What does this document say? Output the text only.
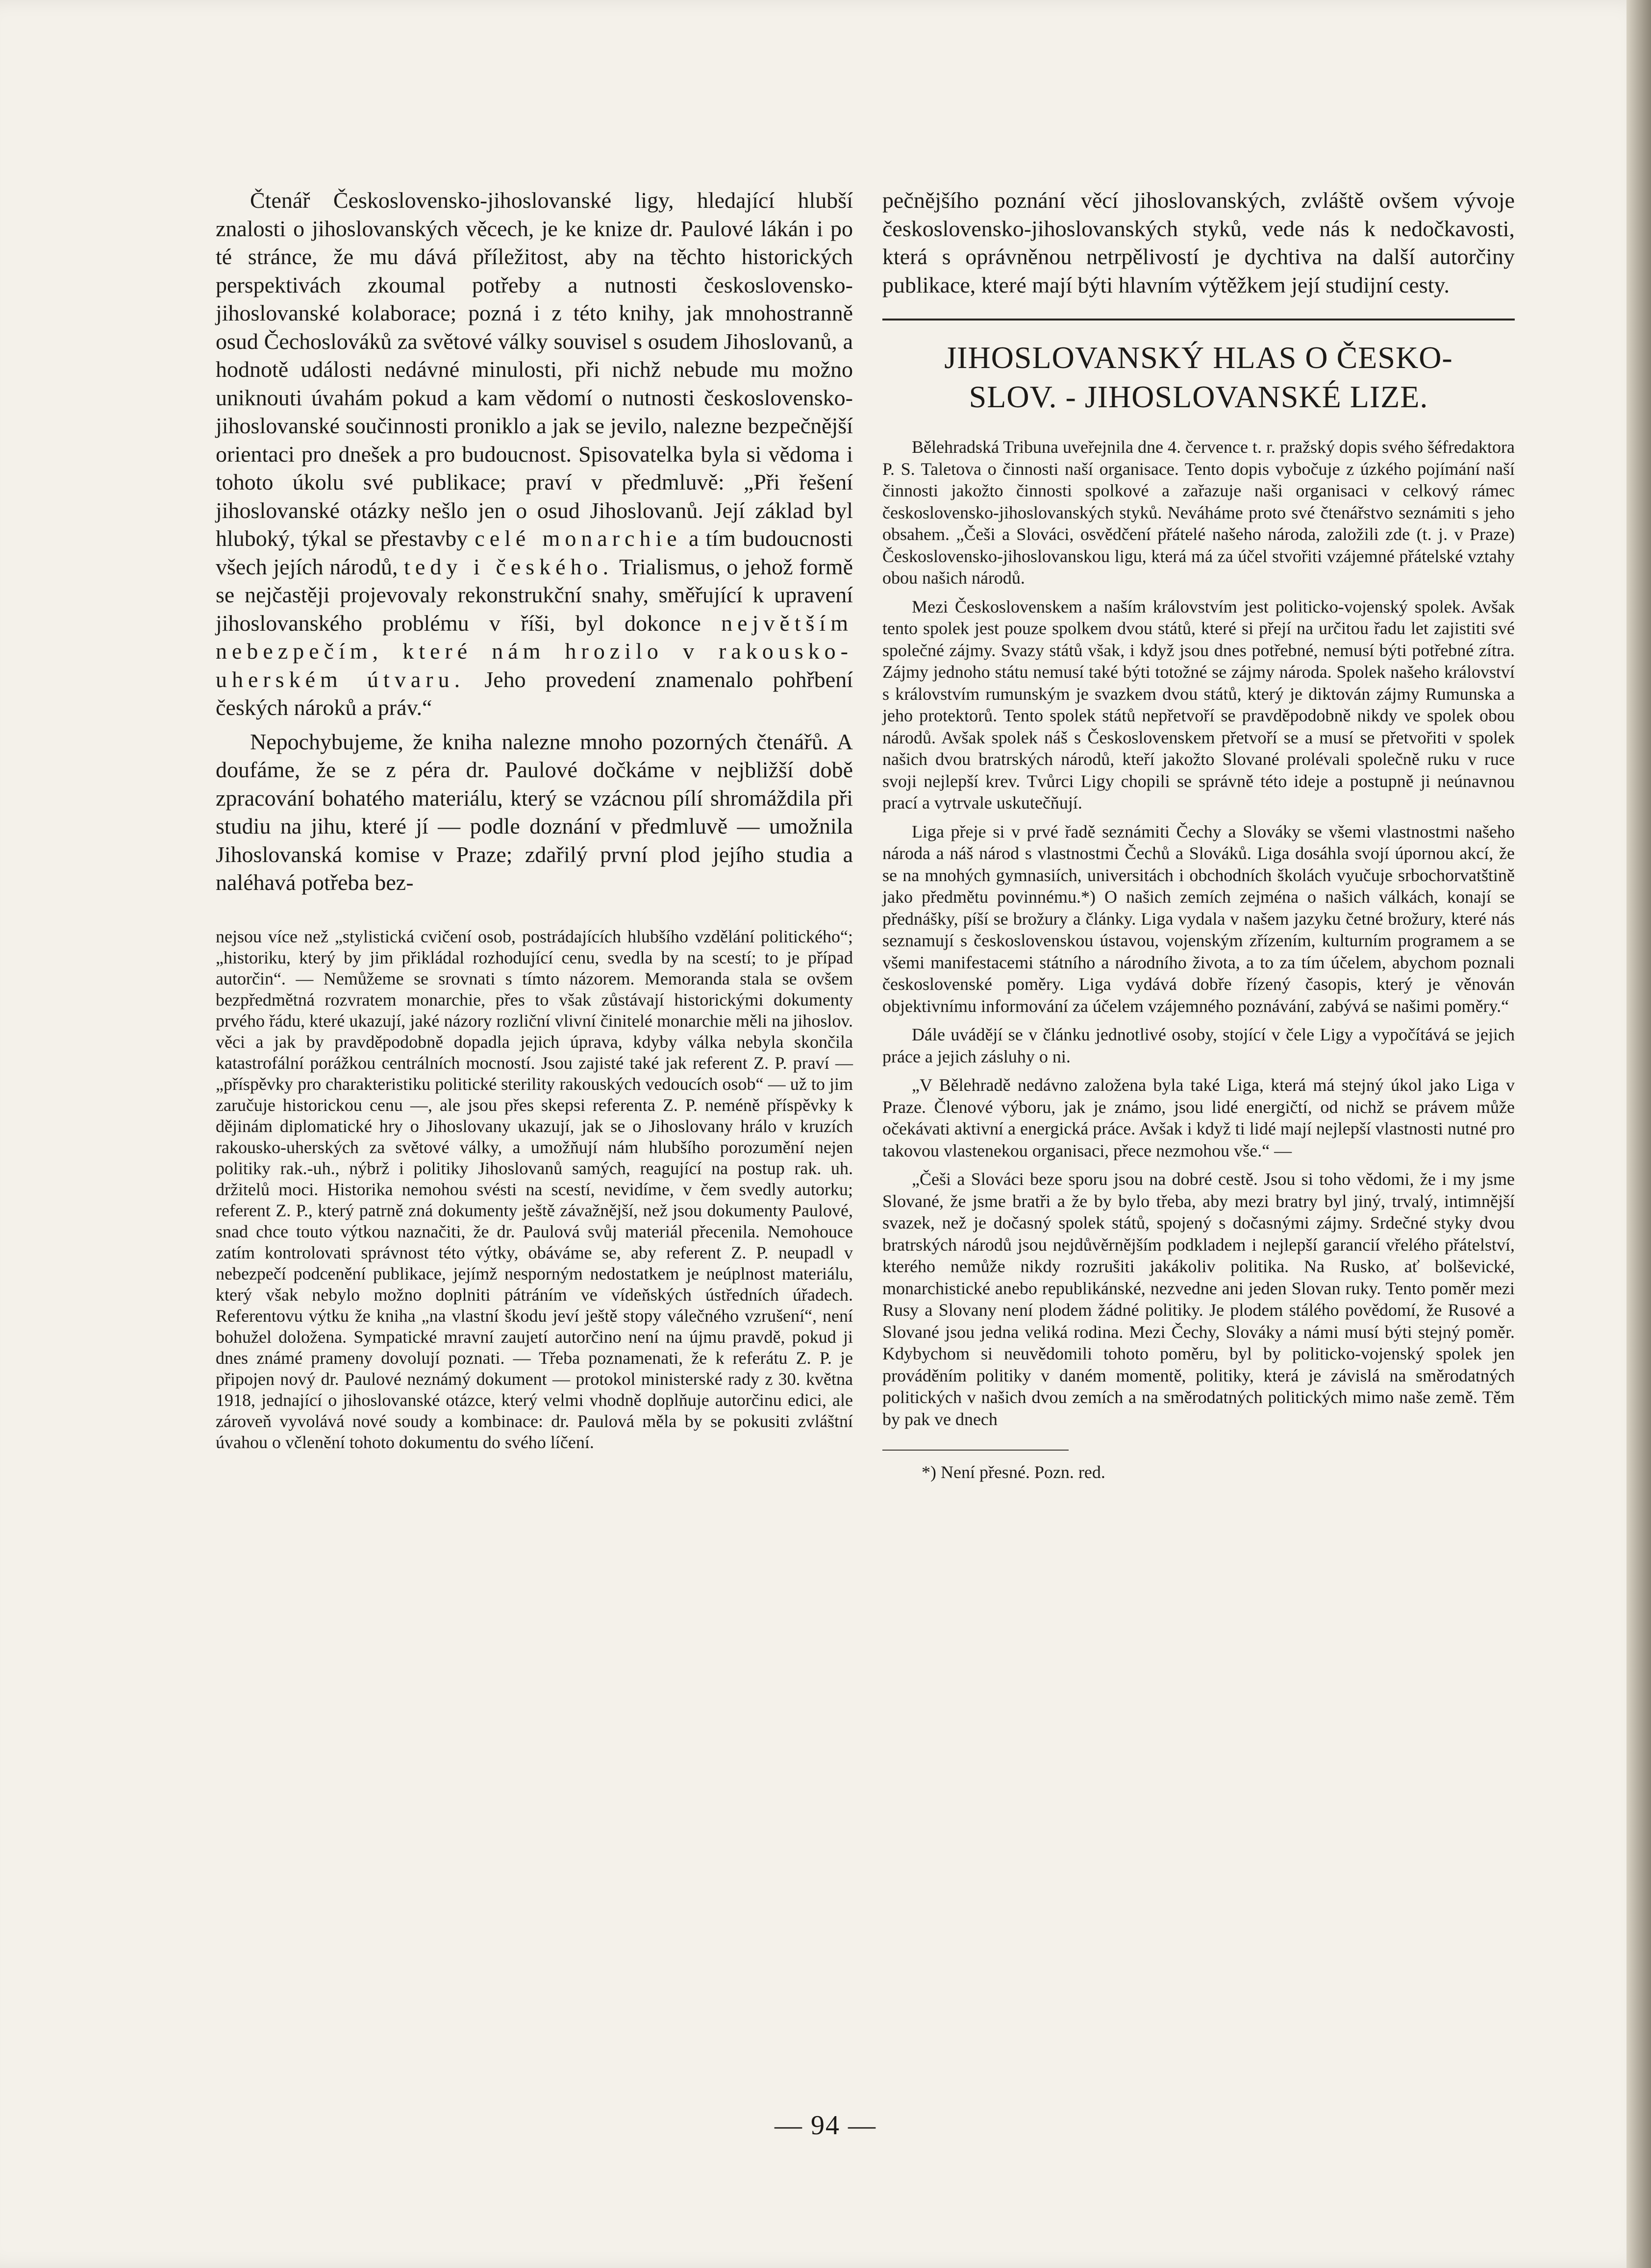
Čtenář Československo-jihoslovanské ligy, hledající hlubší znalosti o jihoslovanských věcech, je ke knize dr. Paulové lákán i po té stránce, že mu dává příležitost, aby na těchto historických perspektivách zkoumal potřeby a nutnosti československo-jihoslovanské kolaborace; pozná i z této knihy, jak mnohostranně osud Čechoslováků za světové války souvisel s osudem Jihoslovanů, a hodnotě události nedávné minulosti, při nichž nebude mu možno uniknouti úvahám pokud a kam vědomí o nutnosti československo-jihoslovanské součinnosti proniklo a jak se jevilo, nalezne bezpečnější orientaci pro dnešek a pro budoucnost. Spisovatelka byla si vědoma i tohoto úkolu své publikace; praví v předmluvě: „Při řešení jihoslovanské otázky nešlo jen o osud Jihoslovanů. Její základ byl hluboký, týkal se přestavby celé monarchie a tím budoucnosti všech jejích národů, tedy i českého. Trialismus, o jehož formě se nejčastěji projevovaly rekonstrukční snahy, směřující k upravení jihoslovanského problému v říši, byl dokonce největším nebezpečím, které nám hrozilo v rakousko-uherském útvaru. Jeho provedení znamenalo pohřbení českých nároků a práv.“

Nepochybujeme, že kniha nalezne mnoho pozorných čtenářů. A doufáme, že se z péra dr. Paulové dočkáme v nejbližší době zpracování bohatého materiálu, který se vzácnou pílí shromáždila při studiu na jihu, které jí — podle doznání v předmluvě — umožnila Jihoslovanská komise v Praze; zdařilý první plod jejího studia a naléhavá potřeba bez-

nejsou více než „stylistická cvičení osob, postrádajících hlubšího vzdělání politického“; „historiku, který by jim přikládal rozhodující cenu, svedla by na scestí; to je případ autorčin“. — Nemůžeme se srovnati s tímto názorem. Memoranda stala se ovšem bezpředmětná rozvratem monarchie, přes to však zůstávají historickými dokumenty prvého řádu, které ukazují, jaké názory rozliční vlivní činitelé monarchie měli na jihoslov. věci a jak by pravděpodobně dopadla jejich úprava, kdyby válka nebyla skončila katastrofální porážkou centrálních mocností. Jsou zajisté také jak referent Z. P. praví — „příspěvky pro charakteristiku politické sterility rakouských vedoucích osob“ — už to jim zaručuje historickou cenu —, ale jsou přes skepsi referenta Z. P. neméně příspěvky k dějinám diplomatické hry o Jihoslovany ukazují, jak se o Jihoslovany hrálo v kruzích rakousko-uherských za světové války, a umožňují nám hlubšího porozumění nejen politiky rak.-uh., nýbrž i politiky Jihoslovanů samých, reagující na postup rak. uh. držitelů moci. Historika nemohou svésti na scestí, nevidíme, v čem svedly autorku; referent Z. P., který patrně zná dokumenty ještě závažnější, než jsou dokumenty Paulové, snad chce touto výtkou naznačiti, že dr. Paulová svůj materiál přecenila. Nemohouce zatím kontrolovati správnost této výtky, obáváme se, aby referent Z. P. neupadl v nebezpečí podcenění publikace, jejímž nesporným nedostatkem je neúplnost materiálu, který však nebylo možno doplniti pátráním ve vídeňských ústředních úřadech. Referentovu výtku že kniha „na vlastní škodu jeví ještě stopy válečného vzrušení“, není bohužel doložena. Sympatické mravní zaujetí autorčino není na újmu pravdě, pokud ji dnes známé prameny dovolují poznati. — Třeba poznamenati, že k referátu Z. P. je připojen nový dr. Paulové neznámý dokument — protokol ministerské rady z 30. května 1918, jednající o jihoslovanské otázce, který velmi vhodně doplňuje autorčinu edici, ale zároveň vyvolává nové soudy a kombinace: dr. Paulová měla by se pokusiti zvláštní úvahou o včlenění tohoto dokumentu do svého líčení.

pečnějšího poznání věcí jihoslovanských, zvláště ovšem vývoje československo-jihoslovanských styků, vede nás k nedočkavosti, která s oprávněnou netrpělivostí je dychtiva na další autorčiny publikace, které mají býti hlavním výtěžkem její studijní cesty.

JIHOSLOVANSKÝ HLAS O ČESKO-
SLOV. - JIHOSLOVANSKÉ LIZE.

Bělehradská Tribuna uveřejnila dne 4. července t. r. pražský dopis svého šéfredaktora P. S. Taletova o činnosti naší organisace. Tento dopis vybočuje z úzkého pojímání naší činnosti jakožto činnosti spolkové a zařazuje naši organisaci v celkový rámec československo-jihoslovanských styků. Neváháme proto své čtenářstvo seznámiti s jeho obsahem. „Češi a Slováci, osvědčení přátelé našeho národa, založili zde (t. j. v Praze) Československo-jihoslovanskou ligu, která má za účel stvořiti vzájemné přátelské vztahy obou našich národů.

Mezi Československem a naším královstvím jest politicko-vojenský spolek. Avšak tento spolek jest pouze spolkem dvou států, které si přejí na určitou řadu let zajistiti své společné zájmy. Svazy států však, i když jsou dnes potřebné, nemusí býti potřebné zítra. Zájmy jednoho státu nemusí také býti totožné se zájmy národa. Spolek našeho království s královstvím rumunským je svazkem dvou států, který je diktován zájmy Rumunska a jeho protektorů. Tento spolek států nepřetvoří se pravděpodobně nikdy ve spolek obou národů. Avšak spolek náš s Československem přetvoří se a musí se přetvořiti v spolek našich dvou bratrských národů, kteří jakožto Slované prolévali společně ruku v ruce svoji nejlepší krev. Tvůrci Ligy chopili se správně této ideje a postupně ji neúnavnou prací a vytrvale uskutečňují.

Liga přeje si v prvé řadě seznámiti Čechy a Slováky se všemi vlastnostmi našeho národa a náš národ s vlastnostmi Čechů a Slováků. Liga dosáhla svojí úpornou akcí, že se na mnohých gymnasiích, universitách i obchodních školách vyučuje srbochorvatštině jako předmětu povinnému.*) O našich zemích zejména o našich válkách, konají se přednášky, píší se brožury a články. Liga vydala v našem jazyku četné brožury, které nás seznamují s československou ústavou, vojenským zřízením, kulturním programem a se všemi manifestacemi státního a národního života, a to za tím účelem, abychom poznali československé poměry. Liga vydává dobře řízený časopis, který je věnován objektivnímu informování za účelem vzájemného poznávání, zabývá se našimi poměry.“

Dále uvádějí se v článku jednotlivé osoby, stojící v čele Ligy a vypočítává se jejich práce a jejich zásluhy o ni.

„V Bělehradě nedávno založena byla také Liga, která má stejný úkol jako Liga v Praze. Členové výboru, jak je známo, jsou lidé energičtí, od nichž se právem může očekávati aktivní a energická práce. Avšak i když ti lidé mají nejlepší vlastnosti nutné pro takovou vlastenekou organisaci, přece nezmohou vše.“ —

„Češi a Slováci beze sporu jsou na dobré cestě. Jsou si toho vědomi, že i my jsme Slované, že jsme bratři a že by bylo třeba, aby mezi bratry byl jiný, trvalý, intimnější svazek, než je dočasný spolek států, spojený s dočasnými zájmy. Srdečné styky dvou bratrských národů jsou nejdůvěrnějším podkladem i nejlepší garancií vřelého přátelství, kterého nemůže nikdy rozrušiti jakákoliv politika. Na Rusko, ať bolševické, monarchistické anebo republikánské, nezvedne ani jeden Slovan ruky. Tento poměr mezi Rusy a Slovany není plodem žádné politiky. Je plodem stálého povědomí, že Rusové a Slované jsou jedna veliká rodina. Mezi Čechy, Slováky a námi musí býti stejný poměr. Kdybychom si neuvědomili tohoto poměru, byl by politicko-vojenský spolek jen prováděním politiky v daném momentě, politiky, která je závislá na směrodatných politických v našich dvou zemích a na směrodatných politických mimo naše země. Těm by pak ve dnech

*) Není přesné. Pozn. red.

— 94 —
